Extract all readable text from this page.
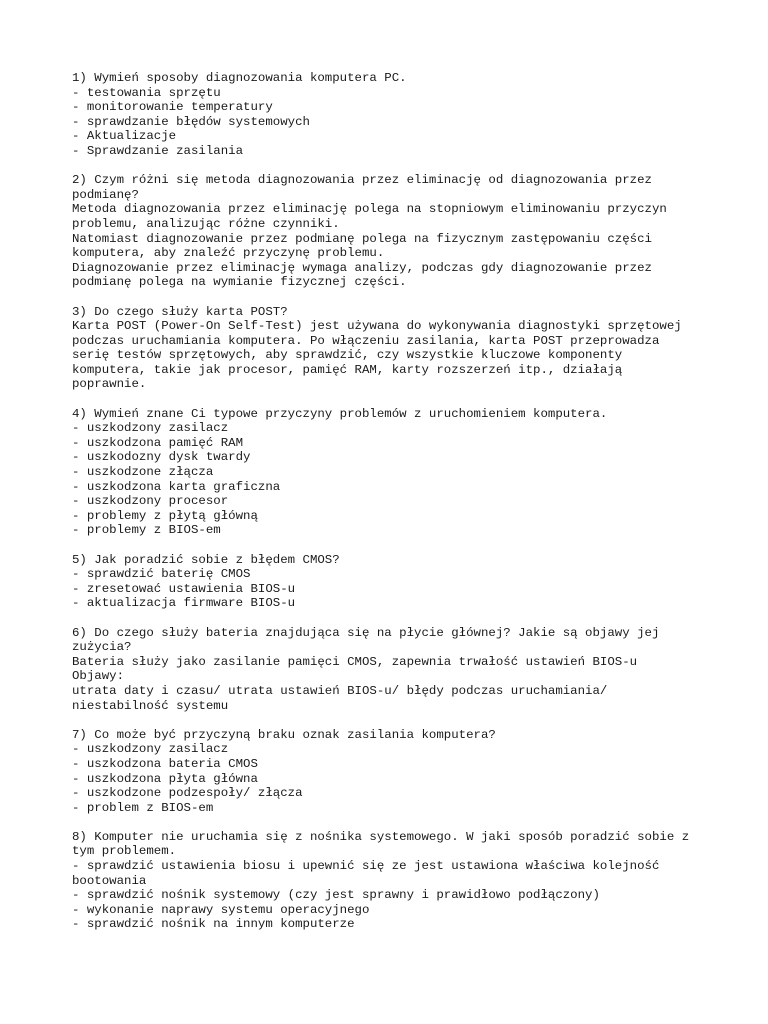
1) Wymień sposoby diagnozowania komputera PC.
- testowania sprzętu
- monitorowanie temperatury
- sprawdzanie błędów systemowych
- Aktualizacje
- Sprawdzanie zasilania
2) Czym różni się metoda diagnozowania przez eliminację od diagnozowania przez
podmianę?
Metoda diagnozowania przez eliminację polega na stopniowym eliminowaniu przyczyn
problemu, analizując różne czynniki.
Natomiast diagnozowanie przez podmianę polega na fizycznym zastępowaniu części
komputera, aby znaleźć przyczynę problemu.
Diagnozowanie przez eliminację wymaga analizy, podczas gdy diagnozowanie przez
podmianę polega na wymianie fizycznej części.
3) Do czego służy karta POST?
Karta POST (Power-On Self-Test) jest używana do wykonywania diagnostyki sprzętowej
podczas uruchamiania komputera. Po włączeniu zasilania, karta POST przeprowadza
serię testów sprzętowych, aby sprawdzić, czy wszystkie kluczowe komponenty
komputera, takie jak procesor, pamięć RAM, karty rozszerzeń itp., działają
poprawnie.
4) Wymień znane Ci typowe przyczyny problemów z uruchomieniem komputera.
- uszkodzony zasilacz
- uszkodzona pamięć RAM
- uszkodozny dysk twardy
- uszkodzone złącza
- uszkodzona karta graficzna
- uszkodzony procesor
- problemy z płytą główną
- problemy z BIOS-em
5) Jak poradzić sobie z błędem CMOS?
- sprawdzić baterię CMOS
- zresetować ustawienia BIOS-u
- aktualizacja firmware BIOS-u
6) Do czego służy bateria znajdująca się na płycie głównej? Jakie są objawy jej
zużycia?
Bateria służy jako zasilanie pamięci CMOS, zapewnia trwałość ustawień BIOS-u
Objawy:
utrata daty i czasu/ utrata ustawień BIOS-u/ błędy podczas uruchamiania/
niestabilność systemu
7) Co może być przyczyną braku oznak zasilania komputera?
- uszkodzony zasilacz
- uszkodzona bateria CMOS
- uszkodzona płyta główna
- uszkodzone podzespoły/ złącza
- problem z BIOS-em
8) Komputer nie uruchamia się z nośnika systemowego. W jaki sposób poradzić sobie z
tym problemem.
- sprawdzić ustawienia biosu i upewnić się ze jest ustawiona właściwa kolejność
bootowania
- sprawdzić nośnik systemowy (czy jest sprawny i prawidłowo podłączony)
- wykonanie naprawy systemu operacyjnego
- sprawdzić nośnik na innym komputerze
